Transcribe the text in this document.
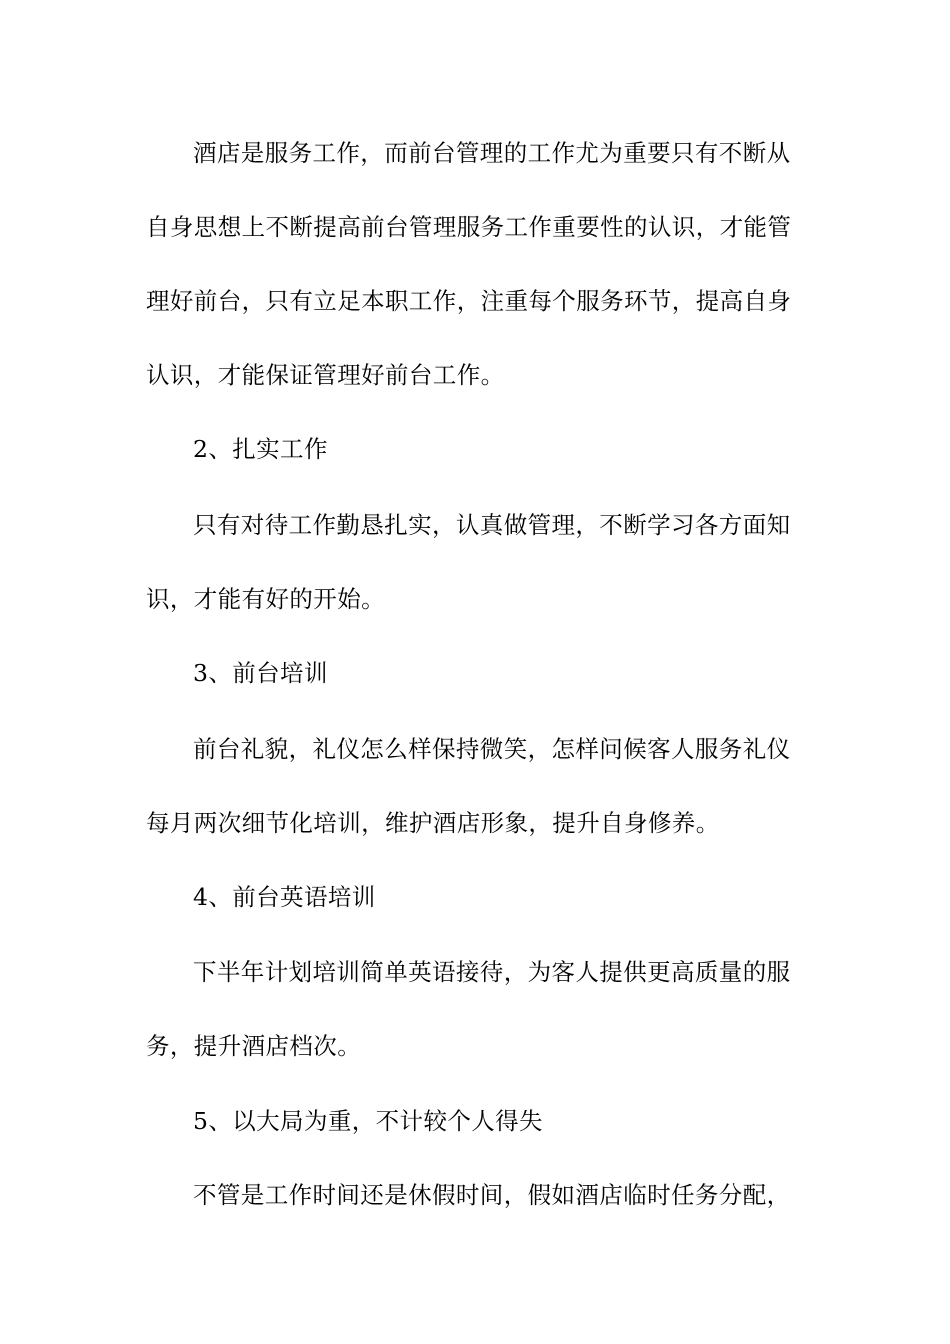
酒店是服务工作，而前台管理的工作尤为重要只有不断从
自身思想上不断提高前台管理服务工作重要性的认识，才能管
理好前台，只有立足本职工作，注重每个服务环节，提高自身
认识，才能保证管理好前台工作。
2、扎实工作
只有对待工作勤恳扎实，认真做管理，不断学习各方面知
识，才能有好的开始。
3、前台培训
前台礼貌，礼仪怎么样保持微笑，怎样问候客人服务礼仪
每月两次细节化培训，维护酒店形象，提升自身修养。
4、前台英语培训
下半年计划培训简单英语接待，为客人提供更高质量的服
务，提升酒店档次。
5、以大局为重，不计较个人得失
不管是工作时间还是休假时间，假如酒店临时任务分配，
